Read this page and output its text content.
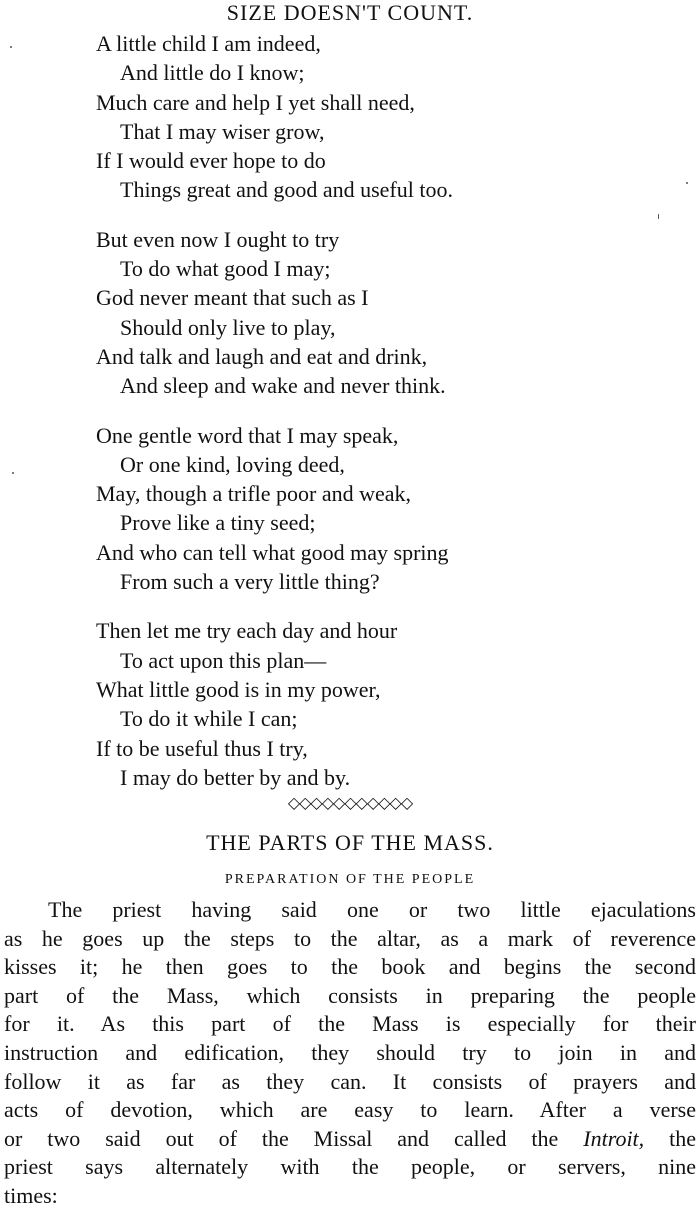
SIZE DOESN'T COUNT.
A little child I am indeed,
And little do I know;
Much care and help I yet shall need,
That I may wiser grow,
If I would ever hope to do
Things great and good and useful too.
But even now I ought to try
To do what good I may;
God never meant that such as I
Should only live to play,
And talk and laugh and eat and drink,
And sleep and wake and never think.
One gentle word that I may speak,
Or one kind, loving deed,
May, though a trifle poor and weak,
Prove like a tiny seed;
And who can tell what good may spring
From such a very little thing?
Then let me try each day and hour
To act upon this plan—
What little good is in my power,
To do it while I can;
If to be useful thus I try,
I may do better by and by.
◇◇◇◇◇◇◇◇◇◇◇
THE PARTS OF THE MASS.
PREPARATION OF THE PEOPLE
The priest having said one or two little ejaculations
as he goes up the steps to the altar, as a mark of reverence
kisses it; he then goes to the book and begins the second
part of the Mass, which consists in preparing the people
for it. As this part of the Mass is especially for their
instruction and edification, they should try to join in and
follow it as far as they can. It consists of prayers and
acts of devotion, which are easy to learn. After a verse
or two said out of the Missal and called the Introit, the
priest says alternately with the people, or servers, nine
times:
